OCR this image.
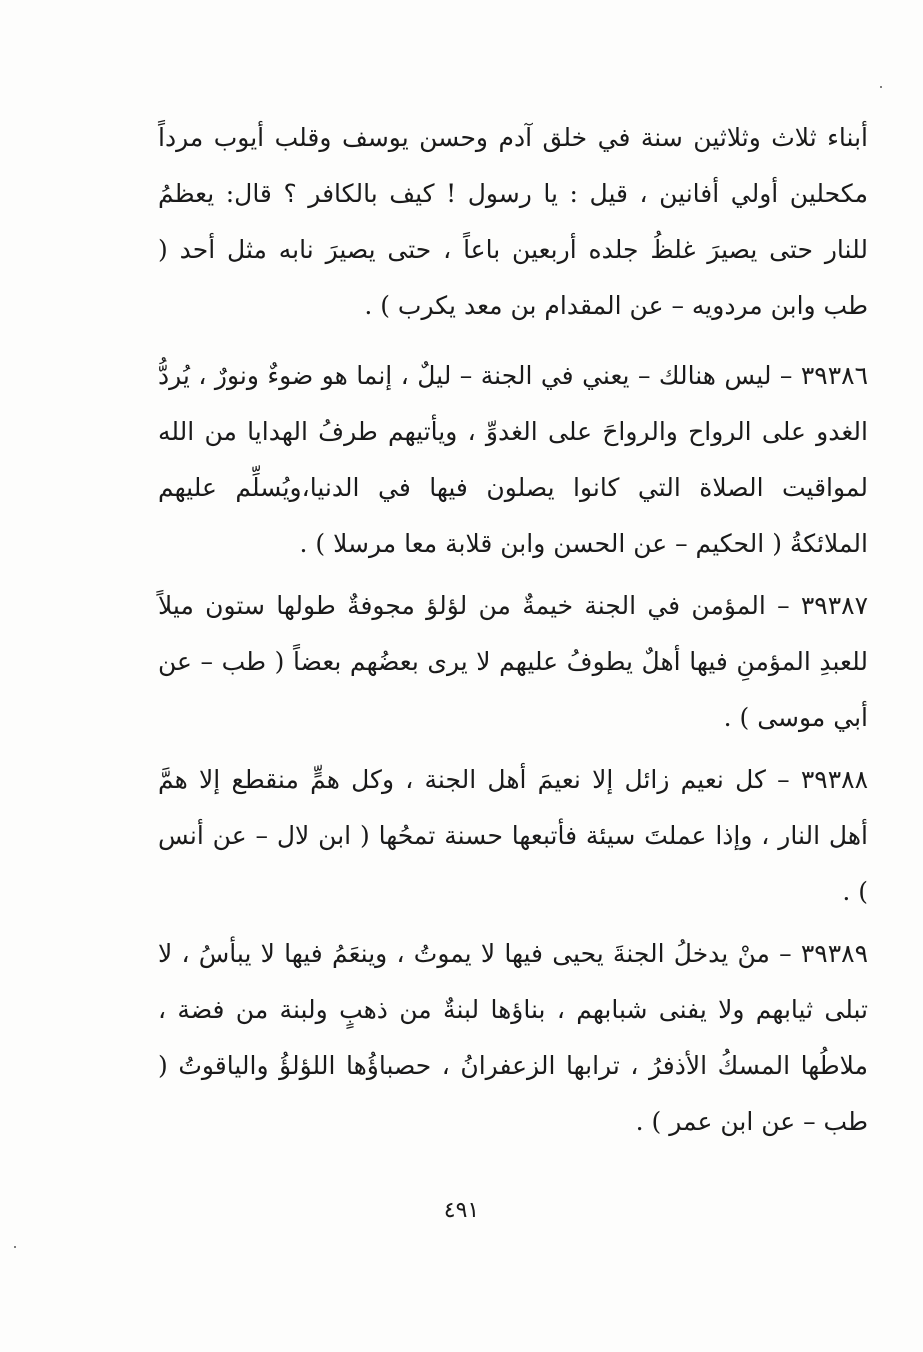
أبناء ثلاث وثلاثين سنة في خلق آدم وحسن يوسف وقلب أيوب مرداً مكحلين أولي أفانين ، قيل : يا رسول ! كيف بالكافر ؟ قال: يعظمُ للنار حتى يصيرَ غلظُ جلده أربعين باعاً ، حتى يصيرَ نابه مثل أحد ( طب وابن مردويه – عن المقدام بن معد يكرب ) .

٣٩٣٨٦ – ليس هنالك – يعني في الجنة – ليلٌ ، إنما هو ضوءٌ ونورٌ ، يُردُّ الغدو على الرواح والرواحَ على الغدوِّ ، ويأتيهم طرفُ الهدايا من الله لمواقيت الصلاة التي كانوا يصلون فيها في الدنيا،ويُسلِّم عليهم الملائكةُ ( الحكيم – عن الحسن وابن قلابة معا مرسلا ) .

٣٩٣٨٧ – المؤمن في الجنة خيمةٌ من لؤلؤ مجوفةٌ طولها ستون ميلاً للعبدِ المؤمنِ فيها أهلٌ يطوفُ عليهم لا يرى بعضُهم بعضاً ( طب – عن أبي موسى ) .

٣٩٣٨٨ – كل نعيم زائل إلا نعيمَ أهل الجنة ، وكل همٍّ منقطع إلا همَّ أهل النار ، وإذا عملتَ سيئة فأتبعها حسنة تمحُها ( ابن لال – عن أنس ) .

٣٩٣٨٩ – منْ يدخلُ الجنةَ يحيى فيها لا يموتُ ، وينعَمُ فيها لا يبأسُ ، لا تبلى ثيابهم ولا يفنى شبابهم ، بناؤها لبنةٌ من ذهبٍ ولبنة من فضة ، ملاطُها المسكُ الأذفرُ ، ترابها الزعفرانُ ، حصباؤُها اللؤلؤُ والياقوتُ ( طب – عن ابن عمر ) .

٤٩١
